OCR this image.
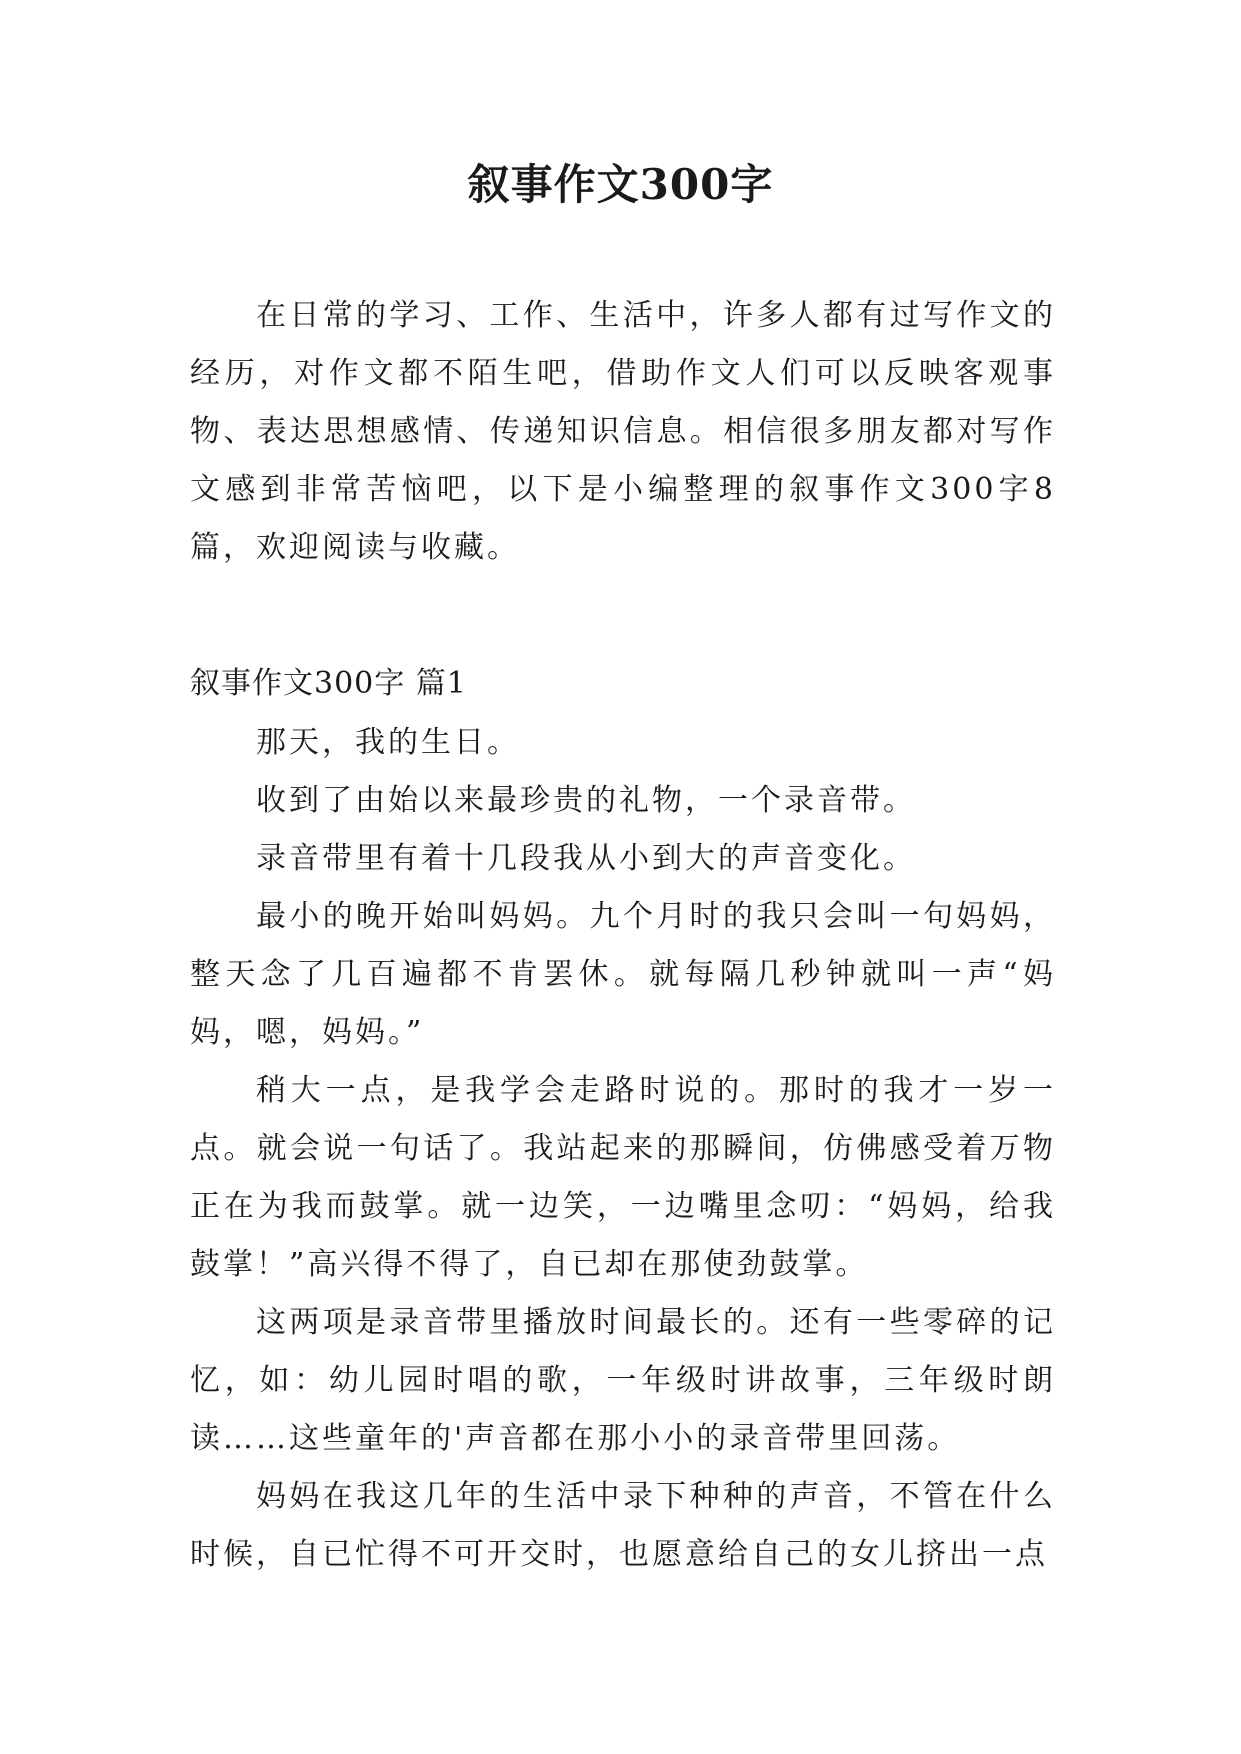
叙事作文300字

在日常的学习、工作、生活中，许多人都有过写作文的经历，对作文都不陌生吧，借助作文人们可以反映客观事物、表达思想感情、传递知识信息。相信很多朋友都对写作文感到非常苦恼吧，以下是小编整理的叙事作文300字8篇，欢迎阅读与收藏。

叙事作文300字 篇1

那天，我的生日。

收到了由始以来最珍贵的礼物，一个录音带。

录音带里有着十几段我从小到大的声音变化。

最小的晚开始叫妈妈。九个月时的我只会叫一句妈妈，整天念了几百遍都不肯罢休。就每隔几秒钟就叫一声“妈妈，嗯，妈妈。”

稍大一点，是我学会走路时说的。那时的我才一岁一点。就会说一句话了。我站起来的那瞬间，仿佛感受着万物正在为我而鼓掌。就一边笑，一边嘴里念叨：“妈妈，给我鼓掌！”高兴得不得了，自已却在那使劲鼓掌。

这两项是录音带里播放时间最长的。还有一些零碎的记忆，如：幼儿园时唱的歌，一年级时讲故事，三年级时朗读……这些童年的'声音都在那小小的录音带里回荡。

妈妈在我这几年的生活中录下种种的声音，不管在什么时候，自已忙得不可开交时，也愿意给自己的女儿挤出一点
